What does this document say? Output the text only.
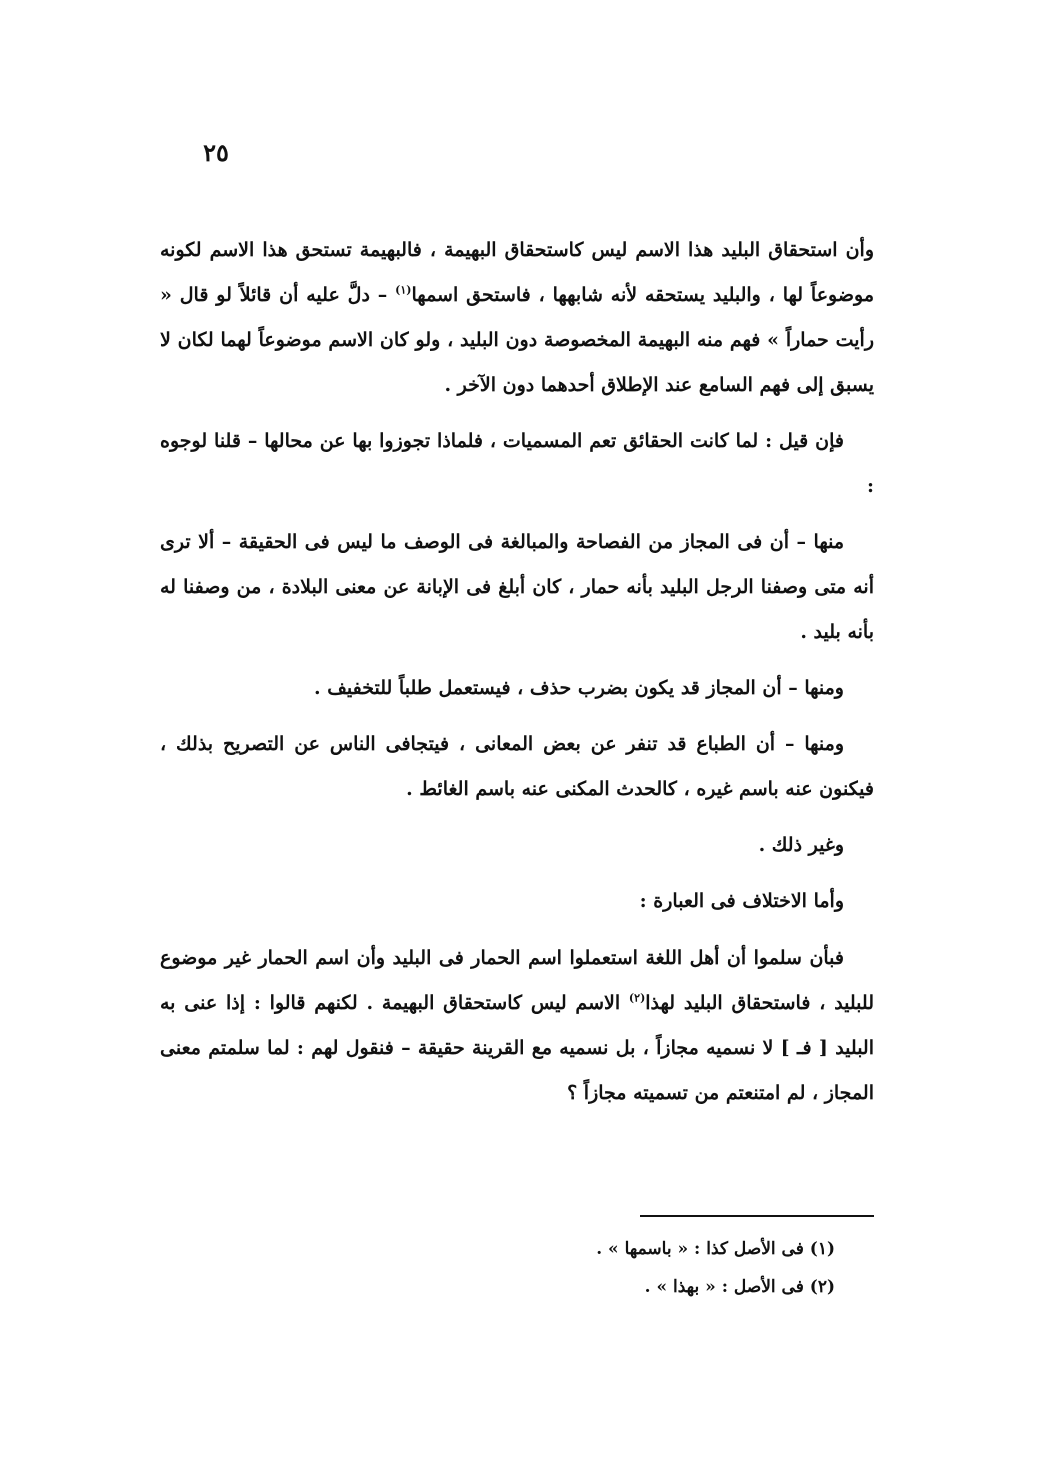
٢٥

وأن استحقاق البليد هذا الاسم ليس كاستحقاق البهيمة ، فالبهيمة تستحق هذا الاسم لكونه موضوعاً لها ، والبليد يستحقه لأنه شابهها ، فاستحق اسمها$^{(١)}$ – دلَّ عليه أن قائلاً لو قال « رأيت حماراً » فهم منه البهيمة المخصوصة دون البليد ، ولو كان الاسم موضوعاً لهما لكان لا يسبق إلى فهم السامع عند الإطلاق أحدهما دون الآخر .

فإن قيل : لما كانت الحقائق تعم المسميات ، فلماذا تجوزوا بها عن محالها – قلنا لوجوه :

منها – أن فى المجاز من الفصاحة والمبالغة فى الوصف ما ليس فى الحقيقة – ألا ترى أنه متى وصفنا الرجل البليد بأنه حمار ، كان أبلغ فى الإبانة عن معنى البلادة ، من وصفنا له بأنه بليد .

ومنها – أن المجاز قد يكون بضرب حذف ، فيستعمل طلباً للتخفيف .

ومنها – أن الطباع قد تنفر عن بعض المعانى ، فيتجافى الناس عن التصريح بذلك ، فيكنون عنه باسم غيره ، كالحدث المكنى عنه باسم الغائط .

وغير ذلك .

وأما الاختلاف فى العبارة :

فبأن سلموا أن أهل اللغة استعملوا اسم الحمار فى البليد وأن اسم الحمار غير موضوع للبليد ، فاستحقاق البليد لهذا$^{(٢)}$ الاسم ليس كاستحقاق البهيمة . لكنهم قالوا : إذا عنى به البليد [ فـ ] لا نسميه مجازاً ، بل نسميه مع القرينة حقيقة – فنقول لهم : لما سلمتم معنى المجاز ، لم امتنعتم من تسميته مجازاً ؟

(١) فى الأصل كذا : « باسمها » .

(٢) فى الأصل : « بهذا » .
